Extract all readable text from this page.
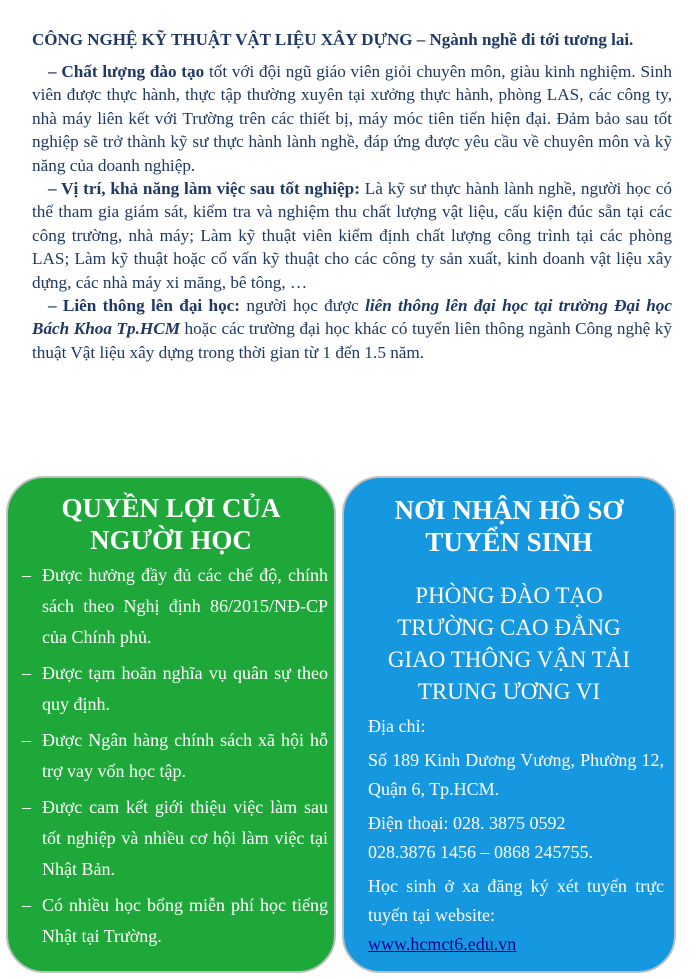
CÔNG NGHỆ KỸ THUẬT VẬT LIỆU XÂY DỰNG – Ngành nghề đi tới tương lai.

– Chất lượng đào tạo tốt với đội ngũ giáo viên giỏi chuyên môn, giàu kinh nghiệm. Sinh viên được thực hành, thực tập thường xuyên tại xưởng thực hành, phòng LAS, các công ty, nhà máy liên kết với Trường trên các thiết bị, máy móc tiên tiến hiện đại. Đảm bảo sau tốt nghiệp sẽ trở thành kỹ sư thực hành lành nghề, đáp ứng được yêu cầu về chuyên môn và kỹ năng của doanh nghiệp.

– Vị trí, khả năng làm việc sau tốt nghiệp: Là kỹ sư thực hành lành nghề, người học có thể tham gia giám sát, kiểm tra và nghiệm thu chất lượng vật liệu, cấu kiện đúc sẵn tại các công trường, nhà máy; Làm kỹ thuật viên kiểm định chất lượng công trình tại các phòng LAS; Làm kỹ thuật hoặc cố vấn kỹ thuật cho các công ty sản xuất, kinh doanh vật liệu xây dựng, các nhà máy xi măng, bê tông, …

– Liên thông lên đại học: người học được liên thông lên đại học tại trường Đại học Bách Khoa Tp.HCM hoặc các trường đại học khác có tuyển liên thông ngành Công nghệ kỹ thuật Vật liệu xây dựng trong thời gian từ 1 đến 1.5 năm.

QUYỀN LỢI CỦA
NGƯỜI HỌC
– Được hưởng đầy đủ các chế độ, chính sách theo Nghị định 86/2015/NĐ-CP của Chính phủ.
– Được tạm hoãn nghĩa vụ quân sự theo quy định.
– Được Ngân hàng chính sách xã hội hỗ trợ vay vốn học tập.
– Được cam kết giới thiệu việc làm sau tốt nghiệp và nhiều cơ hội làm việc tại Nhật Bản.
– Có nhiều học bổng miễn phí học tiếng Nhật tại Trường.
NƠI NHẬN HỒ SƠ
TUYỂN SINH
PHÒNG ĐÀO TẠO
TRƯỜNG CAO ĐẲNG
GIAO THÔNG VẬN TẢI
TRUNG ƯƠNG VI

Địa chỉ:

Số 189 Kinh Dương Vương, Phường 12, Quận 6, Tp.HCM.

Điện thoại: 028. 3875 0592

028.3876 1456 – 0868 245755.

Học sinh ở xa đăng ký xét tuyển trực tuyến tại website:

www.hcmct6.edu.vn
